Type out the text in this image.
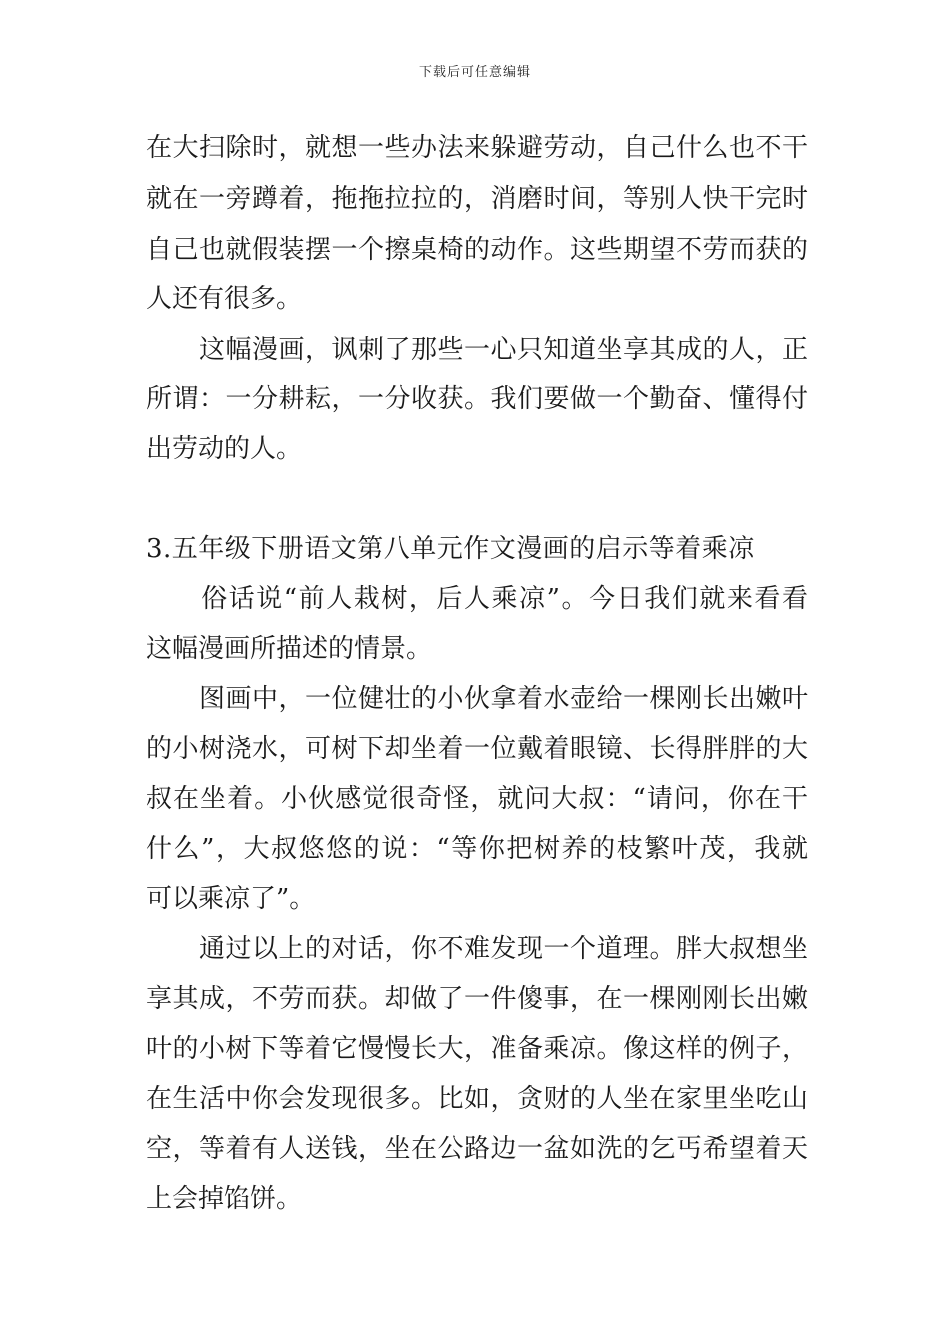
下载后可任意编辑
在大扫除时，就想一些办法来躲避劳动，自己什么也不干
就在一旁蹲着，拖拖拉拉的，消磨时间，等别人快干完时
自己也就假装摆一个擦桌椅的动作。这些期望不劳而获的
人还有很多。
　　这幅漫画，讽刺了那些一心只知道坐享其成的人，正
所谓：一分耕耘，一分收获。我们要做一个勤奋、懂得付
出劳动的人。
3.五年级下册语文第八单元作文漫画的启示等着乘凉
　　俗话说“前人栽树，后人乘凉”。今日我们就来看看
这幅漫画所描述的情景。
　　图画中，一位健壮的小伙拿着水壶给一棵刚长出嫩叶
的小树浇水，可树下却坐着一位戴着眼镜、长得胖胖的大
叔在坐着。小伙感觉很奇怪，就问大叔：“请问，你在干
什么”，大叔悠悠的说：“等你把树养的枝繁叶茂，我就
可以乘凉了”。
　　通过以上的对话，你不难发现一个道理。胖大叔想坐
享其成，不劳而获。却做了一件傻事，在一棵刚刚长出嫩
叶的小树下等着它慢慢长大，准备乘凉。像这样的例子，
在生活中你会发现很多。比如，贪财的人坐在家里坐吃山
空，等着有人送钱，坐在公路边一盆如洗的乞丐希望着天
上会掉馅饼。
